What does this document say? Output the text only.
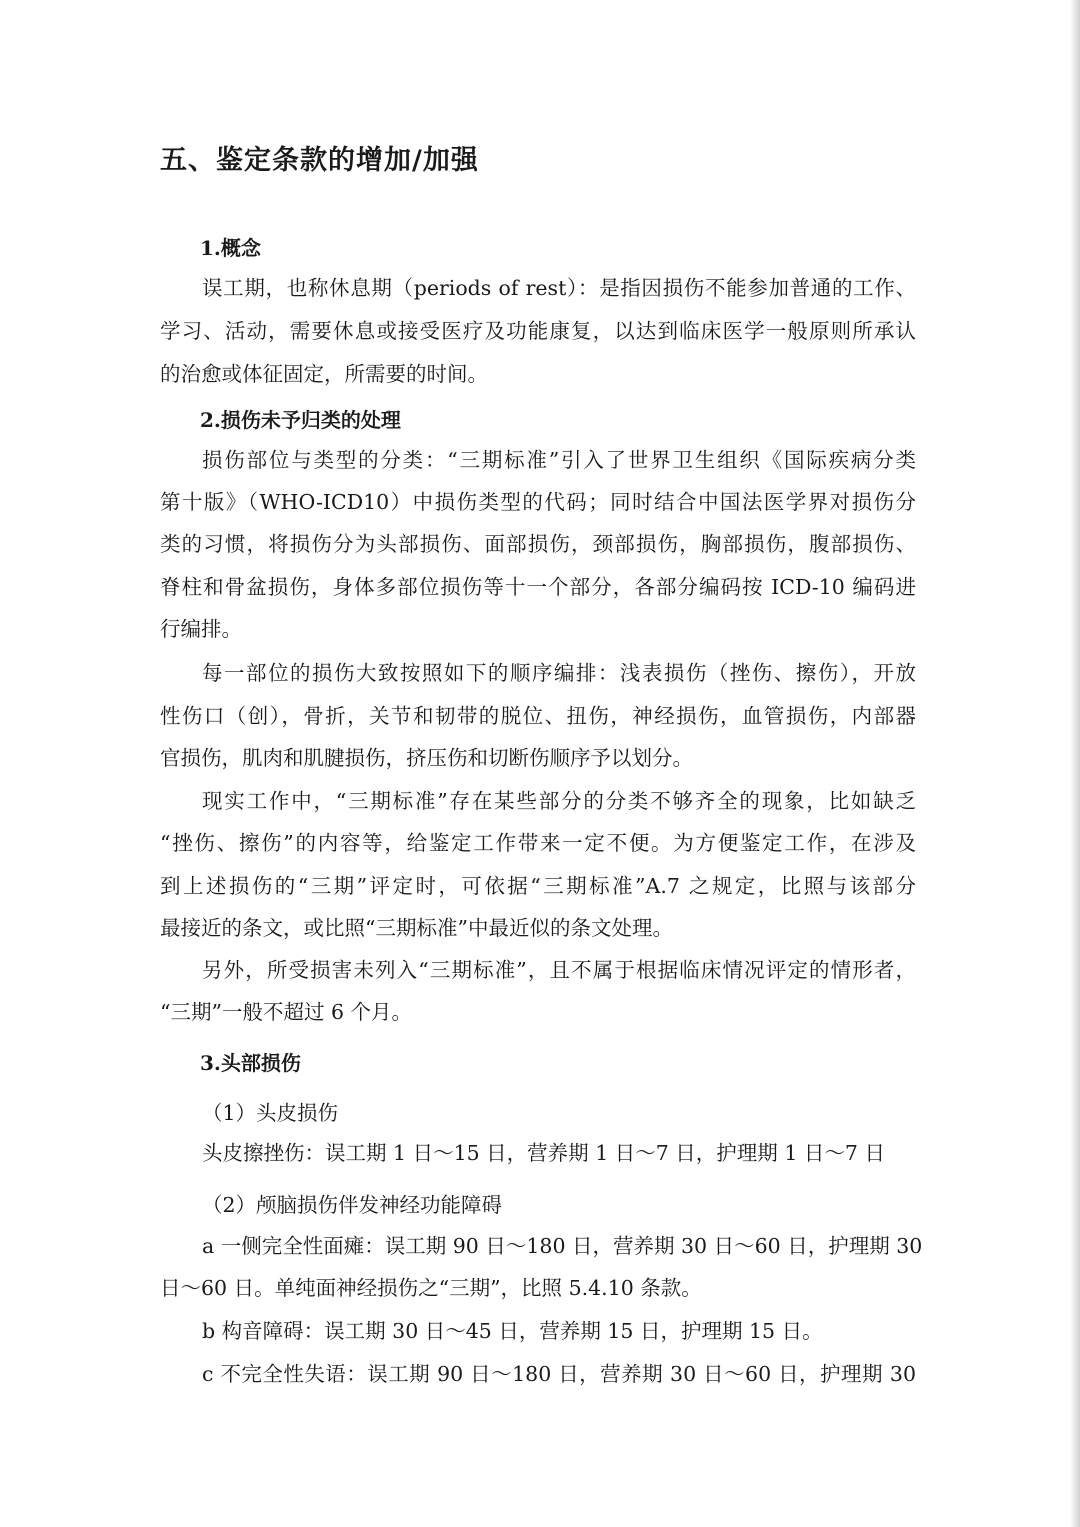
五、鉴定条款的增加/加强
1.概念
误工期，也称休息期（periods of rest）：是指因损伤不能参加普通的工作、
学习、活动，需要休息或接受医疗及功能康复，以达到临床医学一般原则所承认
的治愈或体征固定，所需要的时间。
2.损伤未予归类的处理
损伤部位与类型的分类：“三期标准”引入了世界卫生组织《国际疾病分类
第十版》（WHO-ICD10）中损伤类型的代码；同时结合中国法医学界对损伤分
类的习惯，将损伤分为头部损伤、面部损伤，颈部损伤，胸部损伤，腹部损伤、
脊柱和骨盆损伤，身体多部位损伤等十一个部分，各部分编码按 ICD-10 编码进
行编排。
每一部位的损伤大致按照如下的顺序编排：浅表损伤（挫伤、擦伤），开放
性伤口（创），骨折，关节和韧带的脱位、扭伤，神经损伤，血管损伤，内部器
官损伤，肌肉和肌腱损伤，挤压伤和切断伤顺序予以划分。
现实工作中，“三期标准”存在某些部分的分类不够齐全的现象，比如缺乏
“挫伤、擦伤”的内容等，给鉴定工作带来一定不便。为方便鉴定工作，在涉及
到上述损伤的“三期”评定时，可依据“三期标准”A.7 之规定，比照与该部分
最接近的条文，或比照“三期标准”中最近似的条文处理。
另外，所受损害未列入“三期标准”，且不属于根据临床情况评定的情形者，
“三期”一般不超过 6 个月。
3.头部损伤
（1）头皮损伤
头皮擦挫伤：误工期 1 日～15 日，营养期 1 日～7 日，护理期 1 日～7 日
（2）颅脑损伤伴发神经功能障碍
a 一侧完全性面瘫：误工期 90 日～180 日，营养期 30 日～60 日，护理期 30
日～60 日。单纯面神经损伤之“三期”，比照 5.4.10 条款。
b 构音障碍：误工期 30 日～45 日，营养期 15 日，护理期 15 日。
c 不完全性失语：误工期 90 日～180 日，营养期 30 日～60 日，护理期 30
